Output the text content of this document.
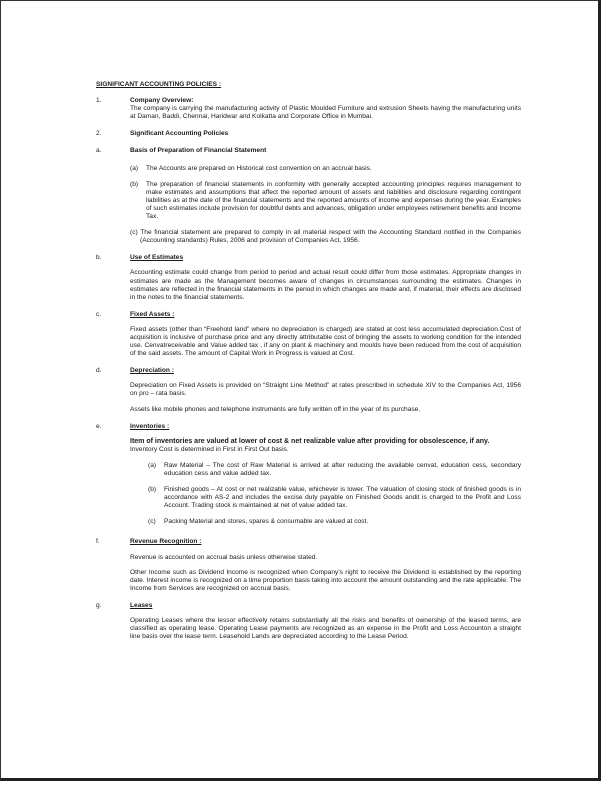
SIGNIFICANT ACCOUNTING POLICIES :
1.	Company Overview:
The company is carrying the manufacturing activity of Plastic Moulded Furniture and extrusion Sheets having the manufacturing units at Daman, Baddi, Chennai, Haridwar and Kolkatta and Corporate Office in Mumbai.
2.	Significant Accounting Policies
a.	Basis of Preparation of Financial Statement
(a) The Accounts are prepared on Historical cost convention on an accrual basis.
(b) The preparation of financial statements in conformity with generally accepted accounting principles requires management to make estimates and assumptions that affect the reported amount of assets and liabilities and disclosure regarding contingent liabilities as at the date of the financial statements and the reported amounts of income and expenses during the year. Examples of such estimates include provision for doubtful debts and advances, obligation under employees retirement benefits and Income Tax.
(c) The financial statement are prepared to comply in all material respect with the Accounting Standard notified in the Companies (Accounting standards) Rules, 2006 and provision of Companies Act, 1956.
b.	Use of Estimates
Accounting estimate could change from period to period and actual result could differ from those estimates. Appropriate changes in estimates are made as the Management becomes aware of changes in circumstances surrounding the estimates. Changes in estimates are reflected in the financial statements in the period in which changes are made and, if material, their effects are disclosed in the notes to the financial statements.
c.	Fixed Assets :
Fixed assets (other than “Freehold land” where no depreciation is charged) are stated at cost less accumulated depreciation.Cost of acquisition is inclusive of purchase price and any directly attributable cost of bringing the assets to working condition for the intended use. Cenvatreceivable and Value added tax , if any on plant & machinery and moulds have been reduced from the cost of acquisition of the said assets. The amount of Capital Work in Progress is valued at Cost.
d.	Depreciation :
Depreciation on Fixed Assets is provided on “Straight Line Method” at rates prescribed in schedule XIV to the Companies Act, 1956 on pro – rata basis.
Assets like mobile phones and telephone instruments are fully written off in the year of its purchase.
e.	Inventories :
Item of inventories are valued at lower of cost & net realizable value after providing for obsolescence, if any.
Inventory Cost is determined in First in First Out basis.
(a) Raw Material – The cost of Raw Material is arrived at after reducing the available cenvat, education cess, secondary education cess and value added tax.
(b) Finished goods – At cost or net realizable value, whichever is lower. The valuation of closing stock of finished goods is in accordance with AS-2 and includes the excise duty payable on Finished Goods andit is charged to the Profit and Loss Account. Trading stock is maintained at net of value added tax.
(c) Packing Material and stores, spares & consumable are valued at cost.
f.	Revenue Recognition :
Revenue is accounted on accrual basis unless otherwise stated.
Other Income such as Dividend Income is recognized when Company’s right to receive the Dividend is established by the reporting date. Interest income is recognized on a time proportion basis taking into account the amount outstanding and the rate applicable. The Income from Services are recognized on accrual basis.
g.	Leases
Operating Leases where the lessor effectively retains substantially all the risks and benefits of ownership of the leased terms, are classified as operating lease. Operating Lease payments are recognized as an expense in the Profit and Loss Accounton a straight line basis over the lease term. Leasehold Lands are depreciated according to the Lease Period.
